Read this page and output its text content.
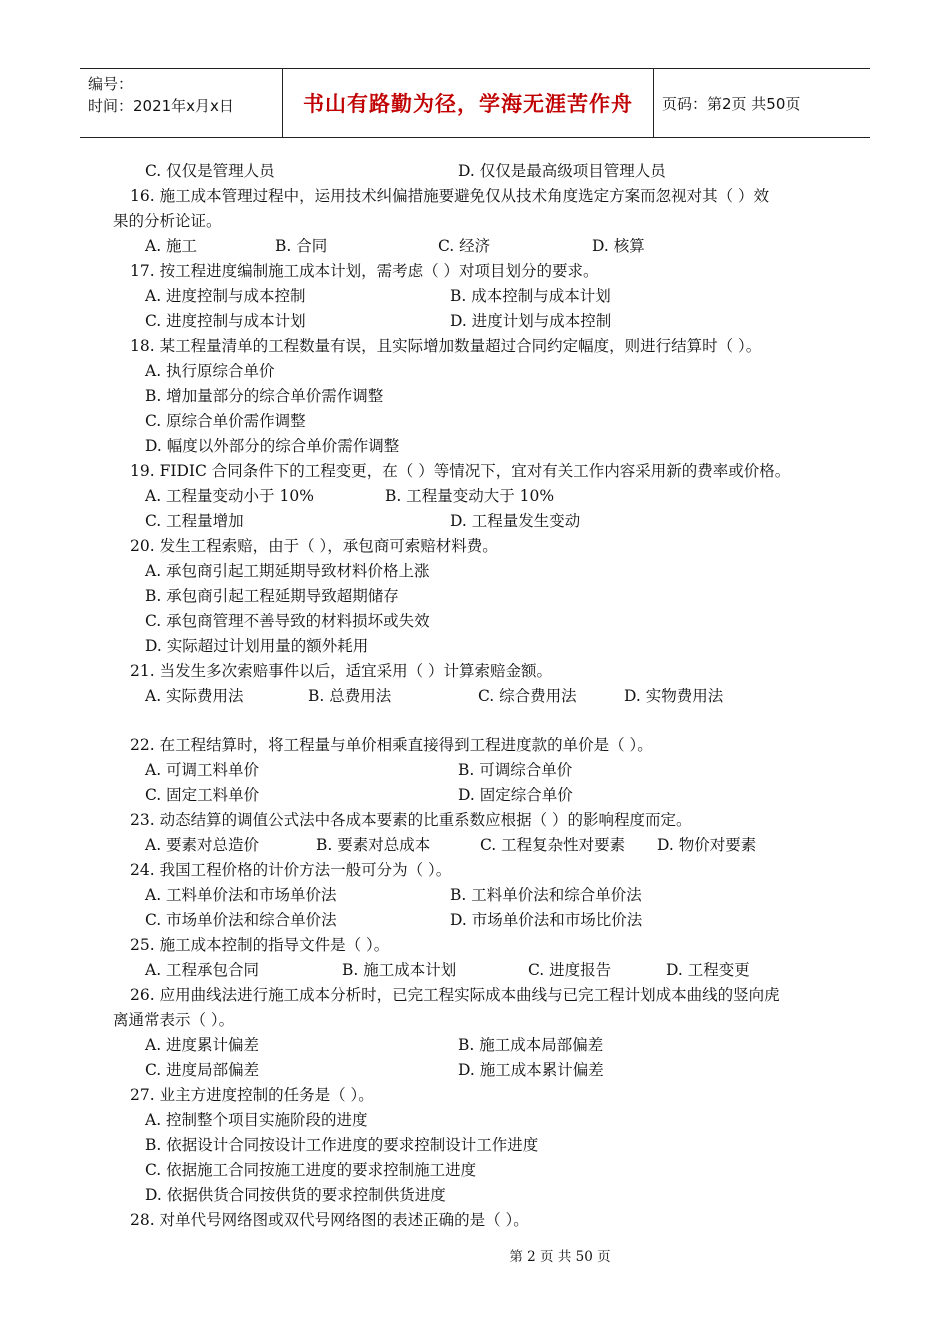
编号：
时间：2021年x月x日	书山有路勤为径，学海无涯苦作舟 页码：第2页 共50页
C. 仅仅是管理人员	D. 仅仅是最高级项目管理人员
16. 施工成本管理过程中，运用技术纠偏措施要避免仅从技术角度选定方案而忽视对其（ ）效
果的分析论证。
A. 施工	B. 合同	C. 经济	D. 核算
17. 按工程进度编制施工成本计划，需考虑（ ）对项目划分的要求。
A. 进度控制与成本控制	B. 成本控制与成本计划
C. 进度控制与成本计划	D. 进度计划与成本控制
18. 某工程量清单的工程数量有误，且实际增加数量超过合同约定幅度，则进行结算时（ ）。
A. 执行原综合单价
B. 增加量部分的综合单价需作调整
C. 原综合单价需作调整
D. 幅度以外部分的综合单价需作调整
19. FIDIC 合同条件下的工程变更，在（ ）等情况下，宜对有关工作内容采用新的费率或价格。
A. 工程量变动小于 10%	B. 工程量变动大于 10%
C. 工程量增加	D. 工程量发生变动
20. 发生工程索赔，由于（ ），承包商可索赔材料费。
A. 承包商引起工期延期导致材料价格上涨
B. 承包商引起工程延期导致超期储存
C. 承包商管理不善导致的材料损坏或失效
D. 实际超过计划用量的额外耗用
21. 当发生多次索赔事件以后，适宜采用（ ）计算索赔金额。
A. 实际费用法	B. 总费用法	C. 综合费用法	D. 实物费用法
22. 在工程结算时，将工程量与单价相乘直接得到工程进度款的单价是（ ）。
A. 可调工料单价	B. 可调综合单价
C. 固定工料单价	D. 固定综合单价
23. 动态结算的调值公式法中各成本要素的比重系数应根据（ ）的影响程度而定。
A. 要素对总造价	B. 要素对总成本	C. 工程复杂性对要素 D. 物价对要素
24. 我国工程价格的计价方法一般可分为（ ）。
A. 工料单价法和市场单价法	B. 工料单价法和综合单价法
C. 市场单价法和综合单价法	D. 市场单价法和市场比价法
25. 施工成本控制的指导文件是（ ）。
A. 工程承包合同	B. 施工成本计划	C. 进度报告	D. 工程变更
26. 应用曲线法进行施工成本分析时，已完工程实际成本曲线与已完工程计划成本曲线的竖向虎
离通常表示（ ）。
A. 进度累计偏差	B. 施工成本局部偏差
C. 进度局部偏差	D. 施工成本累计偏差
27. 业主方进度控制的任务是（ ）。
A. 控制整个项目实施阶段的进度
B. 依据设计合同按设计工作进度的要求控制设计工作进度
C. 依据施工合同按施工进度的要求控制施工进度
D. 依据供货合同按供货的要求控制供货进度
28. 对单代号网络图或双代号网络图的表述正确的是（ ）。
第 2 页 共 50 页
